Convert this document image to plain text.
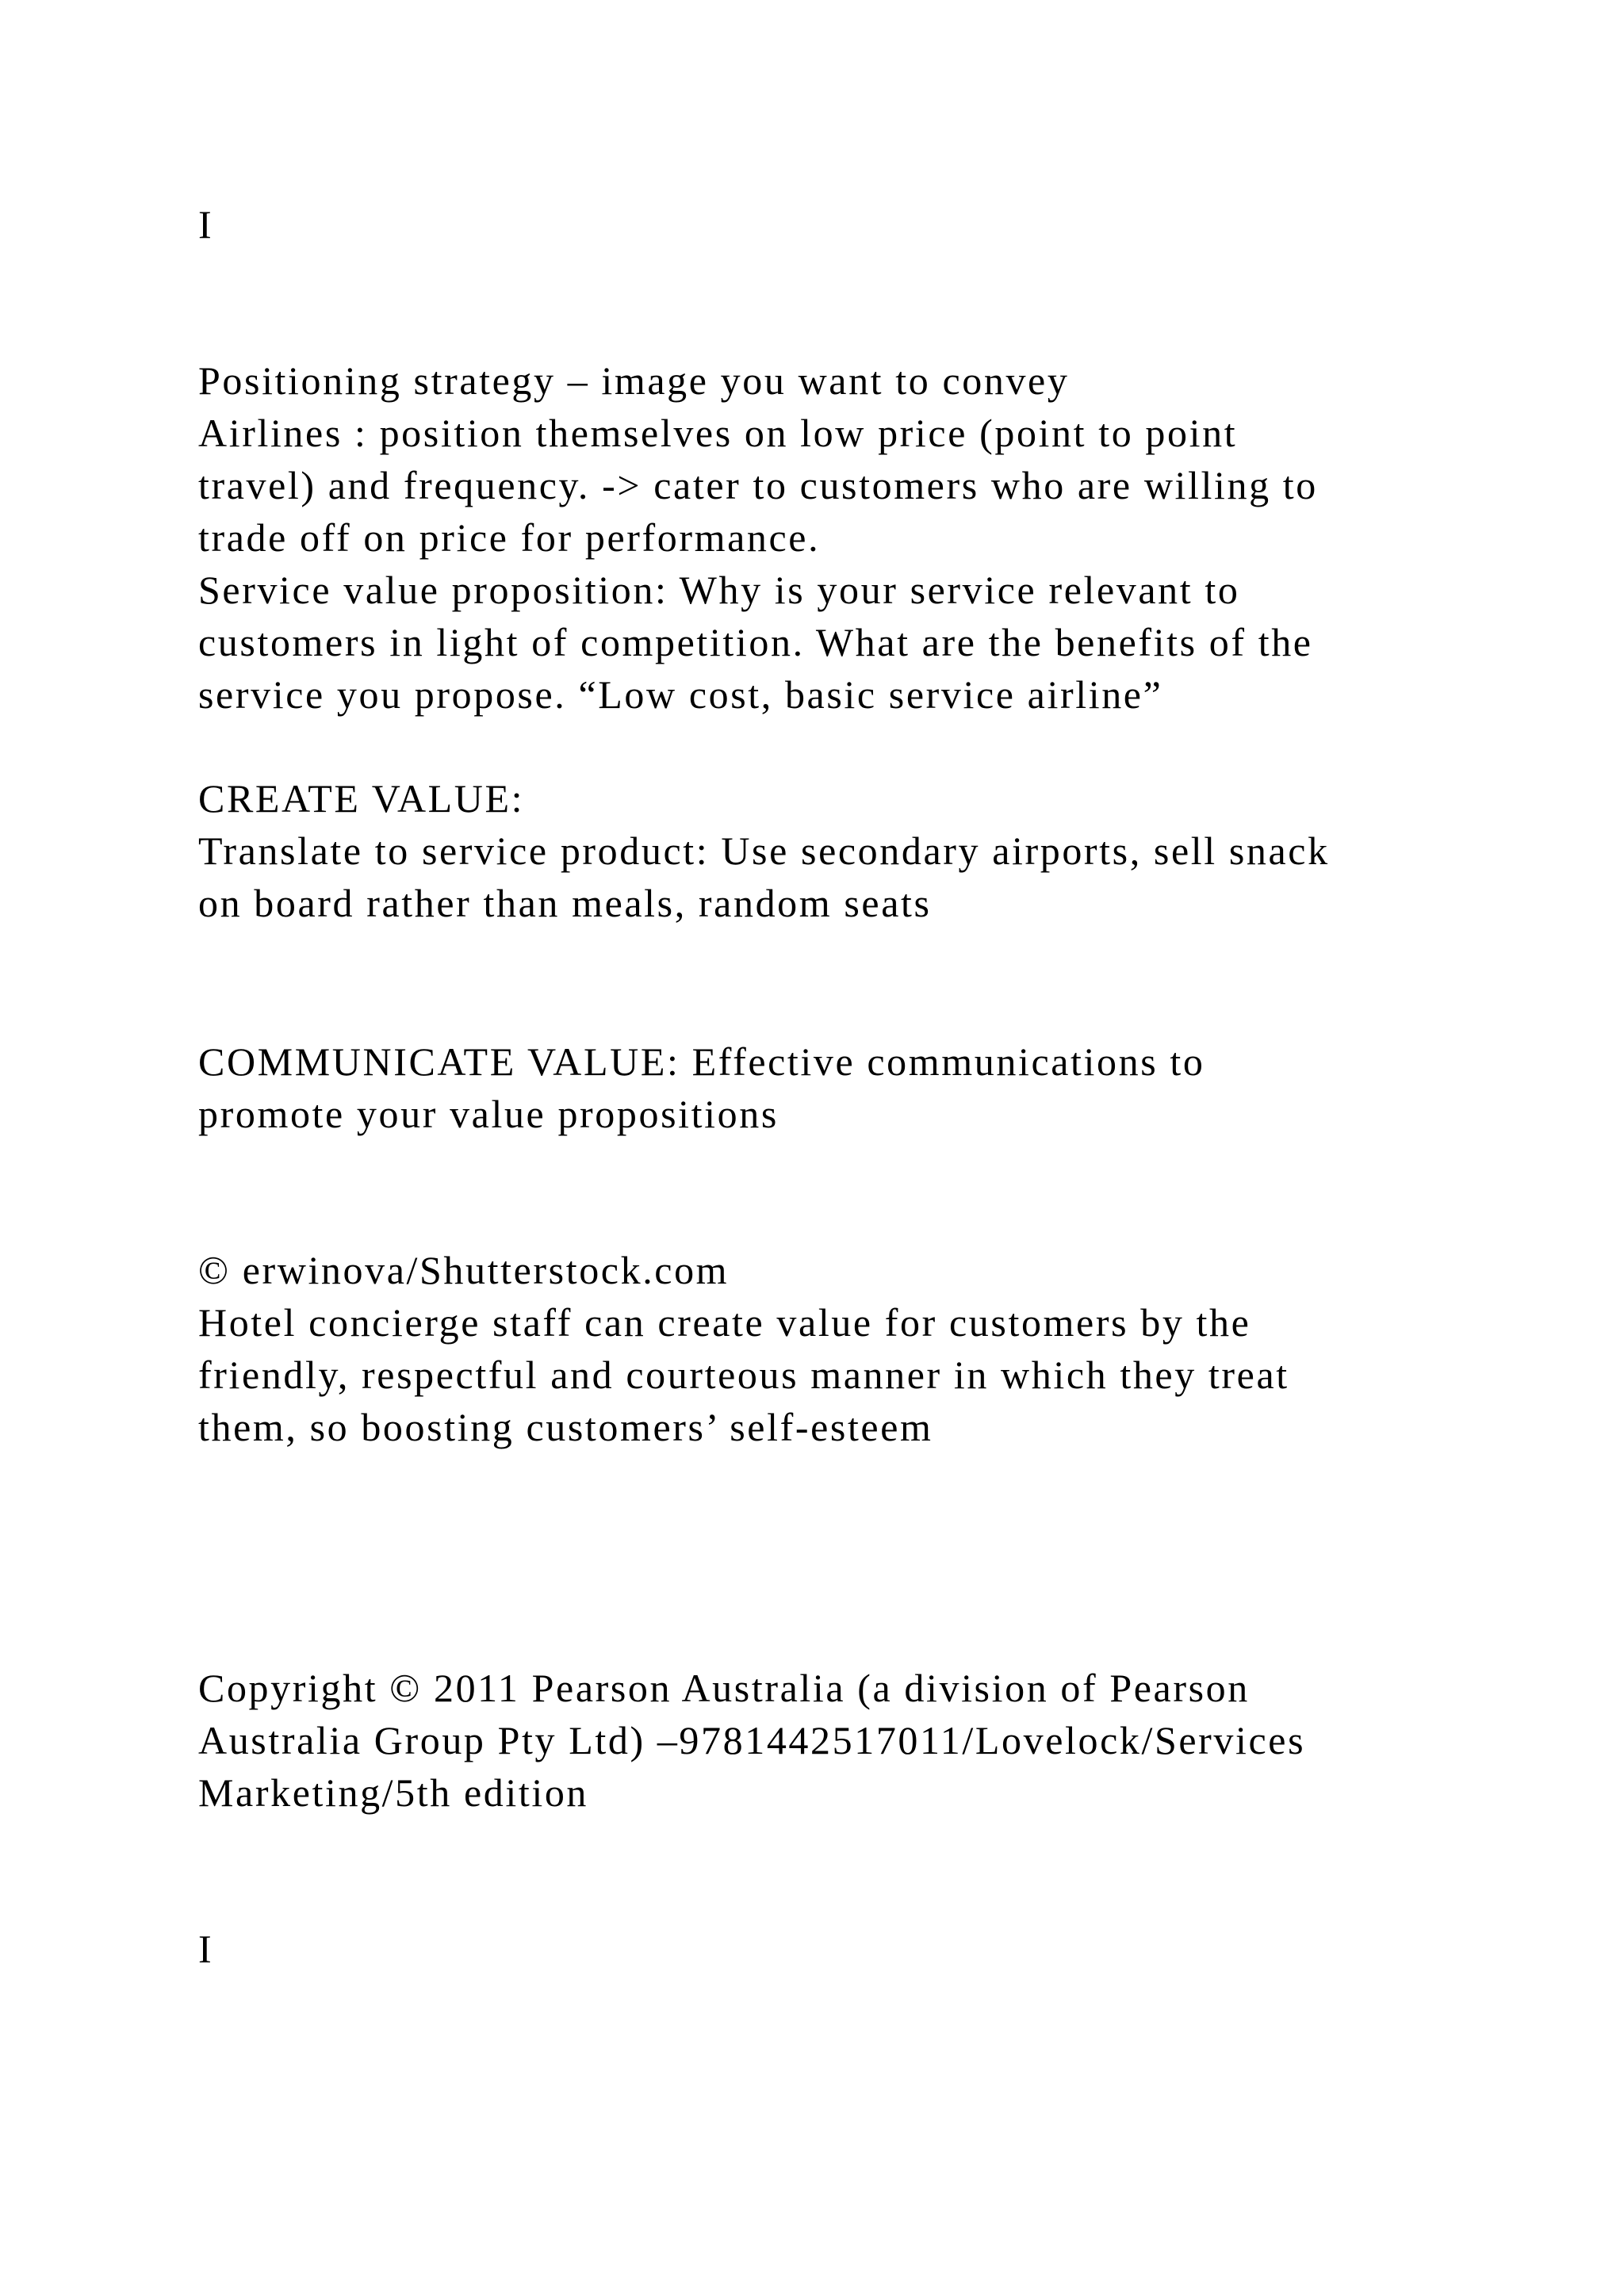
I
Positioning strategy – image you want to convey
Airlines : position themselves on low price (point to point
travel) and frequency. -> cater to customers who are willing to
trade off on price for performance.
Service value proposition: Why is your service relevant to
customers in light of competition. What are the benefits of the
service you propose. “Low cost, basic service airline”
CREATE VALUE:
Translate to service product: Use secondary airports, sell snack
on board rather than meals, random seats
COMMUNICATE VALUE: Effective communications to
promote your value propositions
© erwinova/Shutterstock.com
Hotel concierge staff can create value for customers by the
friendly, respectful and courteous manner in which they treat
them, so boosting customers’ self-esteem
Copyright © 2011 Pearson Australia (a division of Pearson
Australia Group Pty Ltd) –9781442517011/Lovelock/Services
Marketing/5th edition
I
